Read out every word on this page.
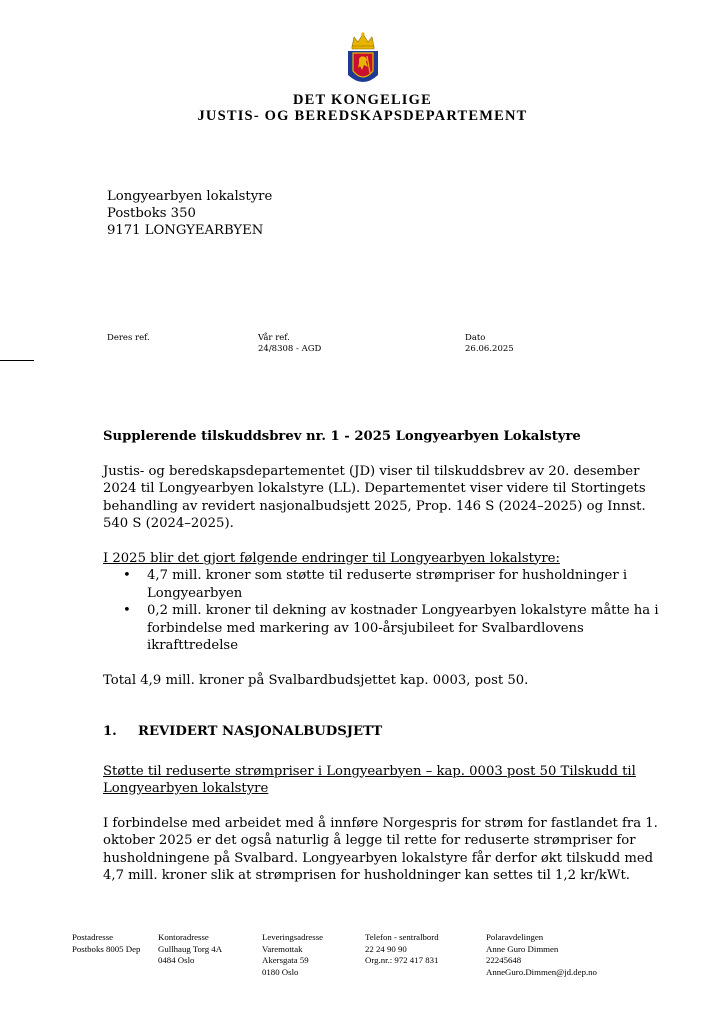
DET KONGELIGE
JUSTIS- OG BEREDSKAPSDEPARTEMENT
Longyearbyen lokalstyre
Postboks 350
9171 LONGYEARBYEN
Deres ref.	Vår ref.
24/8308 - AGD
Dato
26.06.2025

Supplerende tilskuddsbrev nr. 1 - 2025 Longyearbyen Lokalstyre

Justis- og beredskapsdepartementet (JD) viser til tilskuddsbrev av 20. desember 2024 til Longyearbyen lokalstyre (LL). Departementet viser videre til Stortingets behandling av revidert nasjonalbudsjett 2025, Prop. 146 S (2024–2025) og Innst. 540 S (2024–2025).

I 2025 blir det gjort følgende endringer til Longyearbyen lokalstyre:

• 4,7 mill. kroner som støtte til reduserte strømpriser for husholdninger i Longyearbyen
• 0,2 mill. kroner til dekning av kostnader Longyearbyen lokalstyre måtte ha i forbindelse med markering av 100-årsjubileet for Svalbardlovens ikrafttredelse

Total 4,9 mill. kroner på Svalbardbudsjettet kap. 0003, post 50.

1. REVIDERT NASJONALBUDSJETT

Støtte til reduserte strømpriser i Longyearbyen – kap. 0003 post 50 Tilskudd til Longyearbyen lokalstyre

I forbindelse med arbeidet med å innføre Norgespris for strøm for fastlandet fra 1. oktober 2025 er det også naturlig å legge til rette for reduserte strømpriser for husholdningene på Svalbard. Longyearbyen lokalstyre får derfor økt tilskudd med 4,7 mill. kroner slik at strømprisen for husholdninger kan settes til 1,2 kr/kWt.

Postadresse
Postboks 8005 Dep
Kontoradresse
Gullhaug Torg 4A
0484 Oslo
Leveringsadresse
Varemottak
Akersgata 59
0180 Oslo
Telefon - sentralbord
22 24 90 90
Org.nr.: 972 417 831
Polaravdelingen
Anne Guro Dimmen
22245648
AnneGuro.Dimmen@jd.dep.no
